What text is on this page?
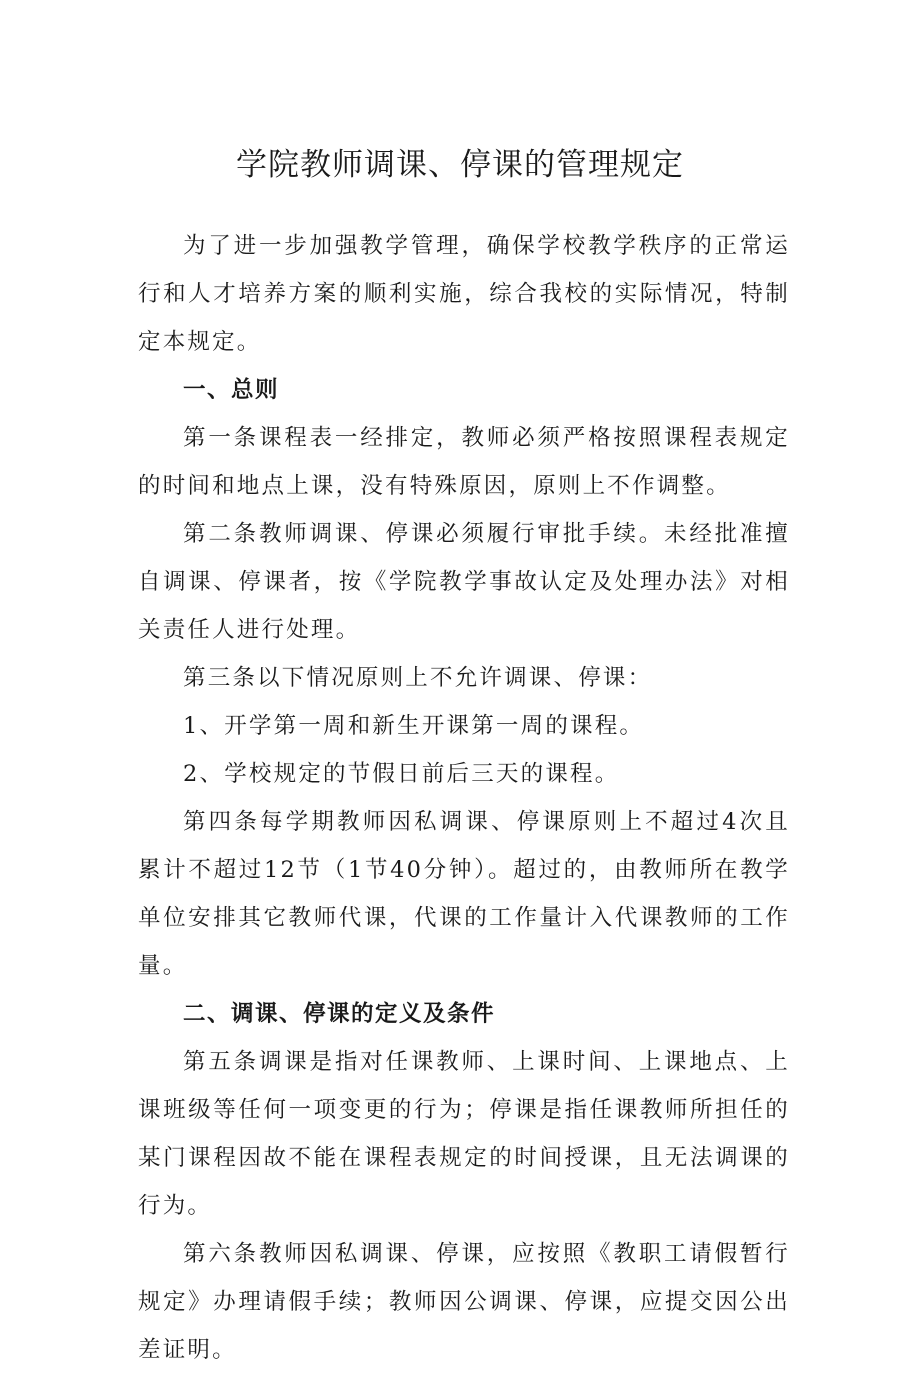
学院教师调课、停课的管理规定

为了进一步加强教学管理，确保学校教学秩序的正常运行和人才培养方案的顺利实施，综合我校的实际情况，特制定本规定。

一、总则

第一条课程表一经排定，教师必须严格按照课程表规定的时间和地点上课，没有特殊原因，原则上不作调整。

第二条教师调课、停课必须履行审批手续。未经批准擅自调课、停课者，按《学院教学事故认定及处理办法》对相关责任人进行处理。

第三条以下情况原则上不允许调课、停课：

1、开学第一周和新生开课第一周的课程。

2、学校规定的节假日前后三天的课程。

第四条每学期教师因私调课、停课原则上不超过4次且累计不超过12节（1节40分钟）。超过的，由教师所在教学单位安排其它教师代课，代课的工作量计入代课教师的工作量。

二、调课、停课的定义及条件

第五条调课是指对任课教师、上课时间、上课地点、上课班级等任何一项变更的行为；停课是指任课教师所担任的某门课程因故不能在课程表规定的时间授课，且无法调课的行为。

第六条教师因私调课、停课，应按照《教职工请假暂行规定》办理请假手续；教师因公调课、停课，应提交因公出差证明。
